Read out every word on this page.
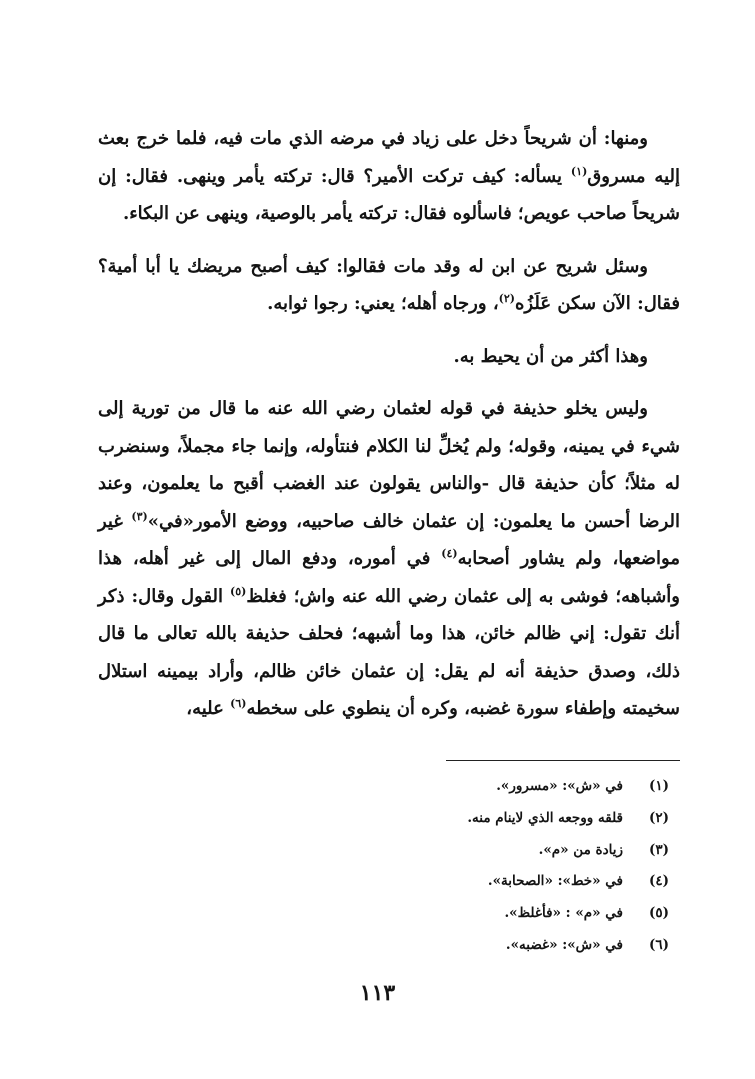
ومنها: أن شريحاً دخل على زياد في مرضه الذي مات فيه، فلما خرج بعث إليه مسروق$^{(١)}$ يسأله: كيف تركت الأمير؟ قال: تركته يأمر وينهى. فقال: إن شريحاً صاحب عويص؛ فاسألوه فقال: تركته يأمر بالوصية، وينهى عن البكاء.

وسئل شريح عن ابن له وقد مات فقالوا: كيف أصبح مريضك يا أبا أمية؟ فقال: الآن سكن عَلَزُه$^{(٢)}$، ورجاه أهله؛ يعني: رجوا ثوابه.

وهذا أكثر من أن يحيط به.

وليس يخلو حذيفة في قوله لعثمان رضي الله عنه ما قال من تورية إلى شيء في يمينه، وقوله؛ ولم يُخلِّ لنا الكلام فنتأوله، وإنما جاء مجملاً، وسنضرب له مثلاً؛ كأن حذيفة قال -والناس يقولون عند الغضب أقبح ما يعلمون، وعند الرضا أحسن ما يعلمون: إن عثمان خالف صاحبيه، ووضع الأمور«في»$^{(٣)}$ غير مواضعها، ولم يشاور أصحابه$^{(٤)}$ في أموره، ودفع المال إلى غير أهله، هذا وأشباهه؛ فوشى به إلى عثمان رضي الله عنه واش؛ فغلظ$^{(٥)}$ القول وقال: ذكر أنك تقول: إني ظالم خائن، هذا وما أشبهه؛ فحلف حذيفة بالله تعالى ما قال ذلك، وصدق حذيفة أنه لم يقل: إن عثمان خائن ظالم، وأراد بيمينه استلال سخيمته وإطفاء سورة غضبه، وكره أن ينطوي على سخطه$^{(٦)}$ عليه،

(١)
في «ش»: «مسرور».
(٢)
قلقه ووجعه الذي لاينام منه.
(٣)
زيادة من «م».
(٤)
في «خط»: «الصحابة».
(٥)
في «م» : «فأغلظ».
(٦)
في «ش»: «غضبه».
١١٣
